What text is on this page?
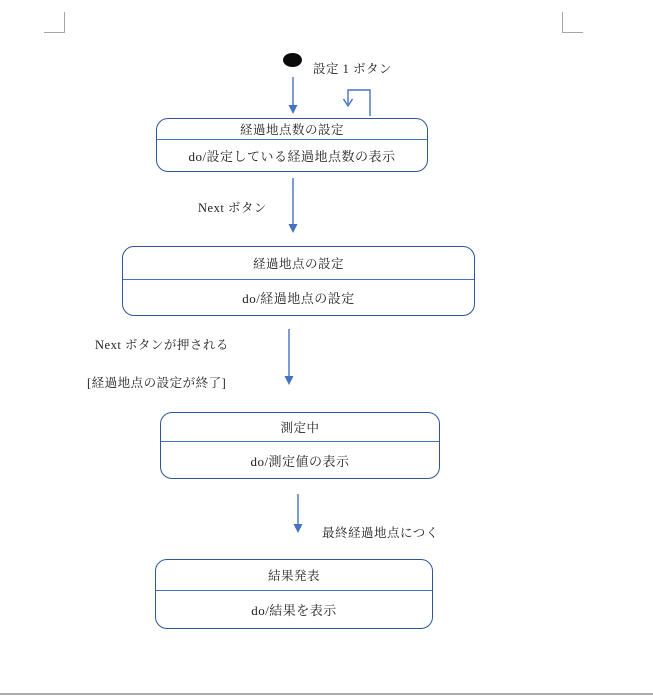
設定 1 ボタン
経過地点数の設定
do/設定している経過地点数の表示
Next ボタン
経過地点の設定
do/経過地点の設定
Next ボタンが押される
[経過地点の設定が終了]
測定中
do/測定値の表示
最終経過地点につく
結果発表
do/結果を表示
